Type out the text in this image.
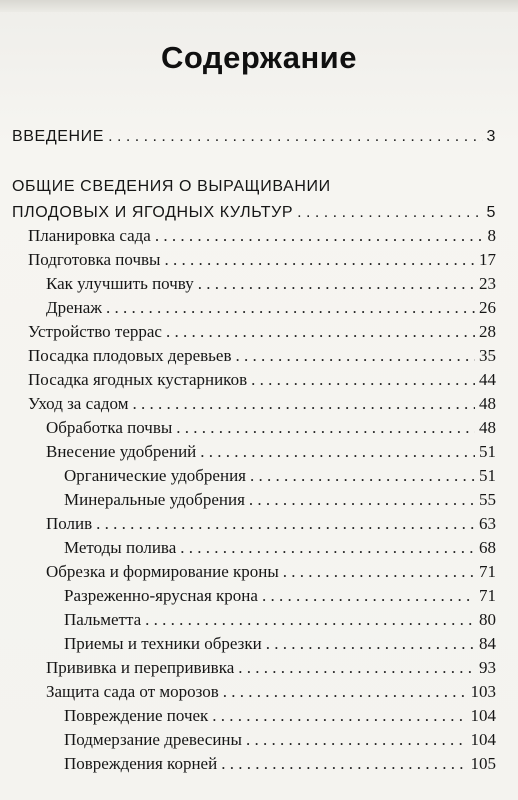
Содержание
ВВЕДЕНИЕ . . .	3
ОБЩИЕ СВЕДЕНИЯ О ВЫРАЩИВАНИИ
ПЛОДОВЫХ И ЯГОДНЫХ КУЛЬТУР . . .	5
Планировка сада . . .	8
Подготовка почвы . . .	17
Как улучшить почву . . .	23
Дренаж . . .	26
Устройство террас . . .	28
Посадка плодовых деревьев . . .	35
Посадка ягодных кустарников . . .	44
Уход за садом . . .	48
Обработка почвы . . .	48
Внесение удобрений . . .	51
Органические удобрения . . .	51
Минеральные удобрения . . .	55
Полив . . .	63
Методы полива . . .	68
Обрезка и формирование кроны . . .	71
Разреженно-ярусная крона . . .	71
Пальметта . . .	80
Приемы и техники обрезки . . .	84
Прививка и перепрививка . . .	93
Защита сада от морозов . . .	103
Повреждение почек . . .	104
Подмерзание древесины . . .	104
Повреждения корней . . .	105
